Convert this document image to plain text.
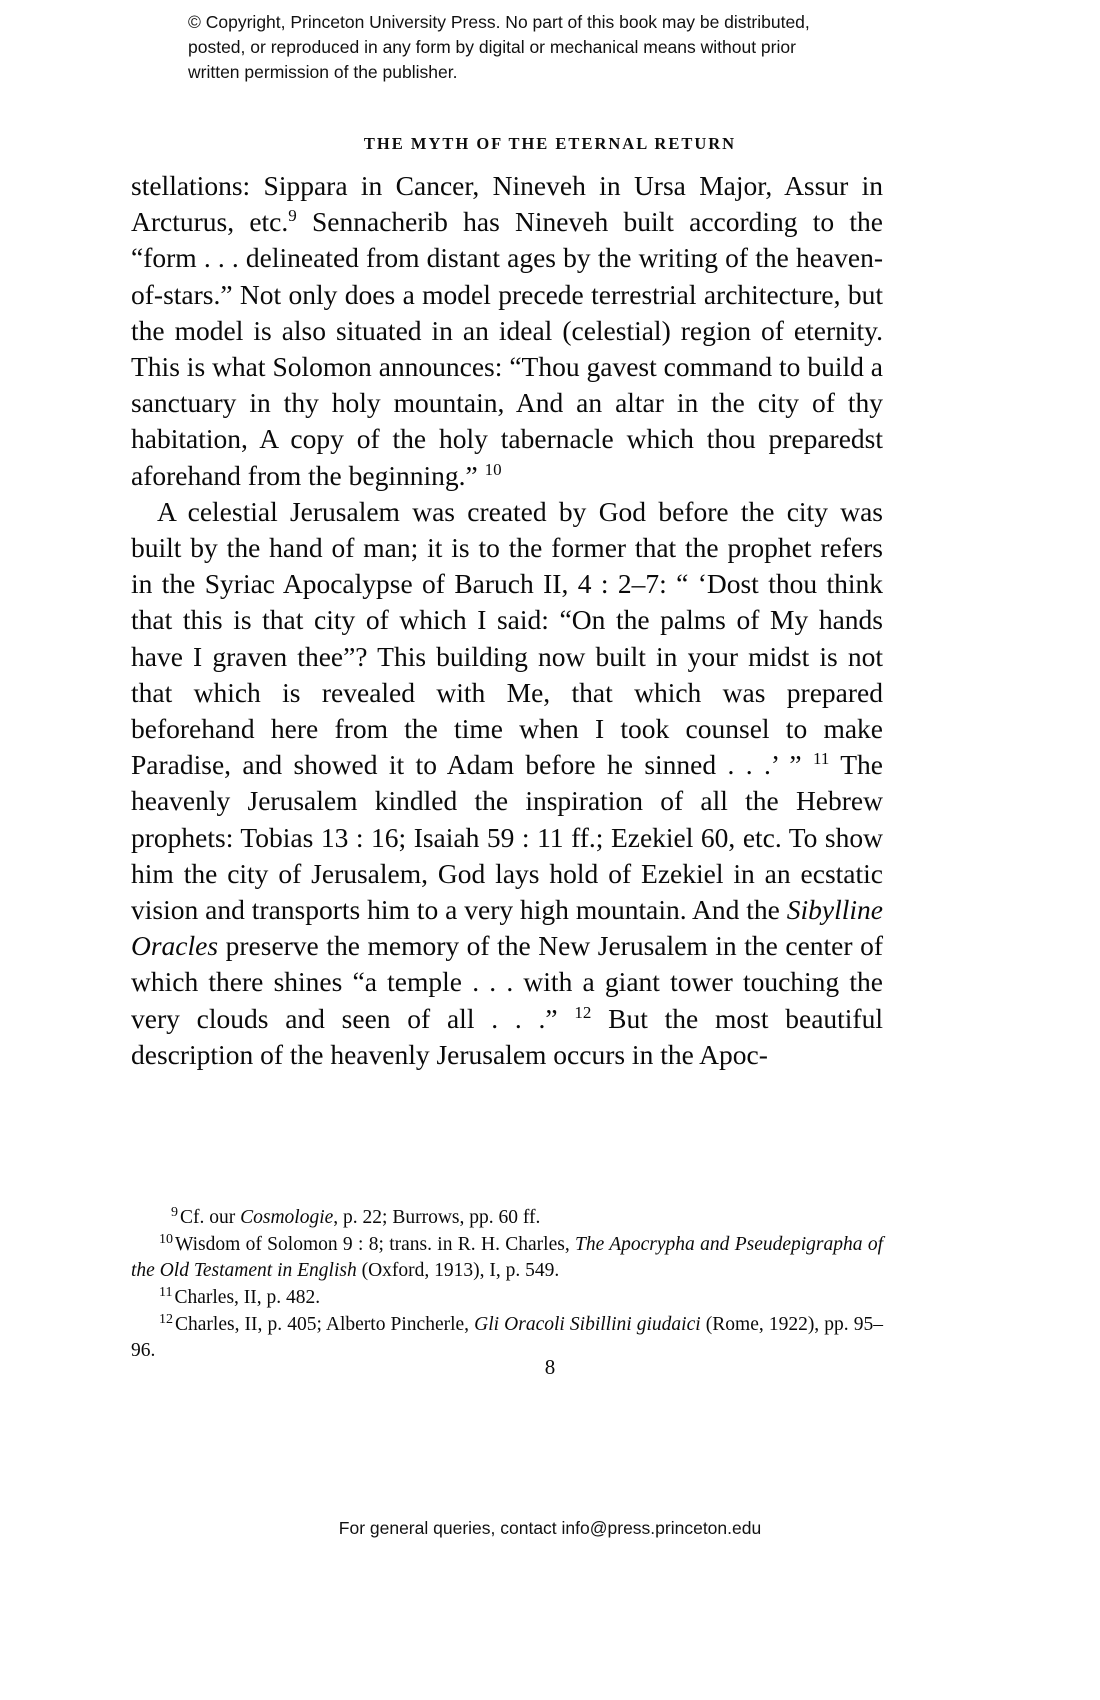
© Copyright, Princeton University Press. No part of this book may be distributed, posted, or reproduced in any form by digital or mechanical means without prior written permission of the publisher.
THE MYTH OF THE ETERNAL RETURN

stellations: Sippara in Cancer, Nineveh in Ursa Major, Assur in Arcturus, etc.$^9$ Sennacherib has Nineveh built according to the “form . . . delineated from distant ages by the writing of the heaven-of-stars.” Not only does a model precede terrestrial architecture, but the model is also situated in an ideal (celestial) region of eternity. This is what Solomon announces: “Thou gavest command to build a sanctuary in thy holy mountain, And an altar in the city of thy habitation, A copy of the holy tabernacle which thou preparedst aforehand from the beginning.” $^{10}$

A celestial Jerusalem was created by God before the city was built by the hand of man; it is to the former that the prophet refers in the Syriac Apocalypse of Baruch II, 4 : 2–7: “ ‘Dost thou think that this is that city of which I said: “On the palms of My hands have I graven thee”? This building now built in your midst is not that which is revealed with Me, that which was prepared beforehand here from the time when I took counsel to make Paradise, and showed it to Adam before he sinned . . .’ ” $^{11}$ The heavenly Jerusalem kindled the inspiration of all the Hebrew prophets: Tobias 13 : 16; Isaiah 59 : 11 ff.; Ezekiel 60, etc. To show him the city of Jerusalem, God lays hold of Ezekiel in an ecstatic vision and transports him to a very high mountain. And the Sibylline Oracles preserve the memory of the New Jerusalem in the center of which there shines “a temple . . . with a giant tower touching the very clouds and seen of all . . .” $^{12}$ But the most beautiful description of the heavenly Jerusalem occurs in the Apoc-

$^9$ Cf. our Cosmologie, p. 22; Burrows, pp. 60 ff.

$^{10}$ Wisdom of Solomon 9 : 8; trans. in R. H. Charles, The Apocrypha and Pseudepigrapha of the Old Testament in English (Oxford, 1913), I, p. 549.

$^{11}$ Charles, II, p. 482.

$^{12}$ Charles, II, p. 405; Alberto Pincherle, Gli Oracoli Sibillini giudaici (Rome, 1922), pp. 95–96.

8
For general queries, contact info@press.princeton.edu
